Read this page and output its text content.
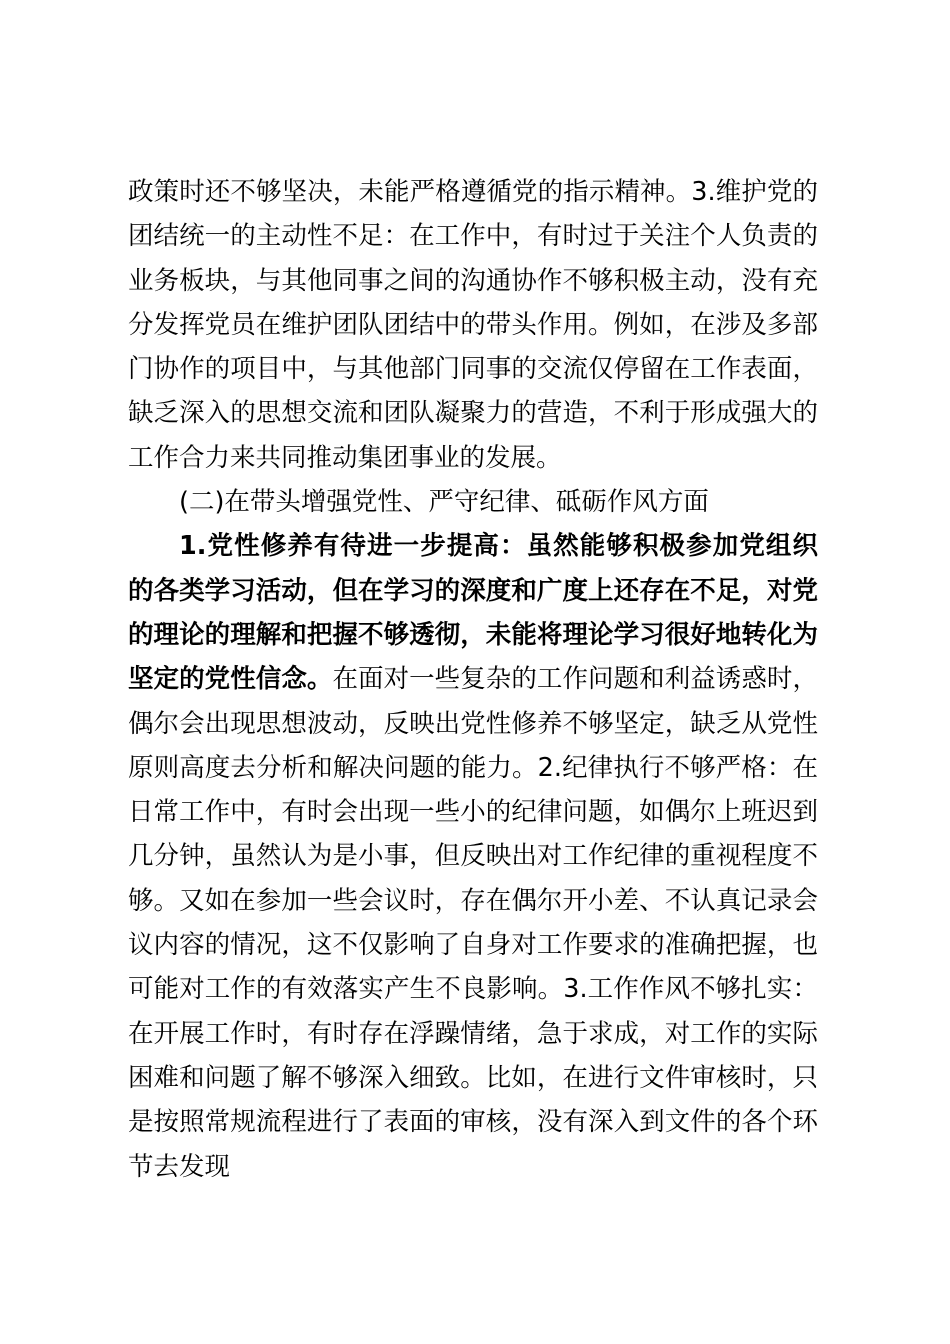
政策时还不够坚决，未能严格遵循党的指示精神。3.维护党的团结统一的主动性不足：在工作中，有时过于关注个人负责的业务板块，与其他同事之间的沟通协作不够积极主动，没有充分发挥党员在维护团队团结中的带头作用。例如，在涉及多部门协作的项目中，与其他部门同事的交流仅停留在工作表面，缺乏深入的思想交流和团队凝聚力的营造，不利于形成强大的工作合力来共同推动集团事业的发展。

(二)在带头增强党性、严守纪律、砥砺作风方面

1.党性修养有待进一步提高：虽然能够积极参加党组织的各类学习活动，但在学习的深度和广度上还存在不足，对党的理论的理解和把握不够透彻，未能将理论学习很好地转化为坚定的党性信念。在面对一些复杂的工作问题和利益诱惑时，偶尔会出现思想波动，反映出党性修养不够坚定，缺乏从党性原则高度去分析和解决问题的能力。2.纪律执行不够严格：在日常工作中，有时会出现一些小的纪律问题，如偶尔上班迟到几分钟，虽然认为是小事，但反映出对工作纪律的重视程度不够。又如在参加一些会议时，存在偶尔开小差、不认真记录会议内容的情况，这不仅影响了自身对工作要求的准确把握，也可能对工作的有效落实产生不良影响。3.工作作风不够扎实：在开展工作时，有时存在浮躁情绪，急于求成，对工作的实际困难和问题了解不够深入细致。比如，在进行文件审核时，只是按照常规流程进行了表面的审核，没有深入到文件的各个环节去发现
